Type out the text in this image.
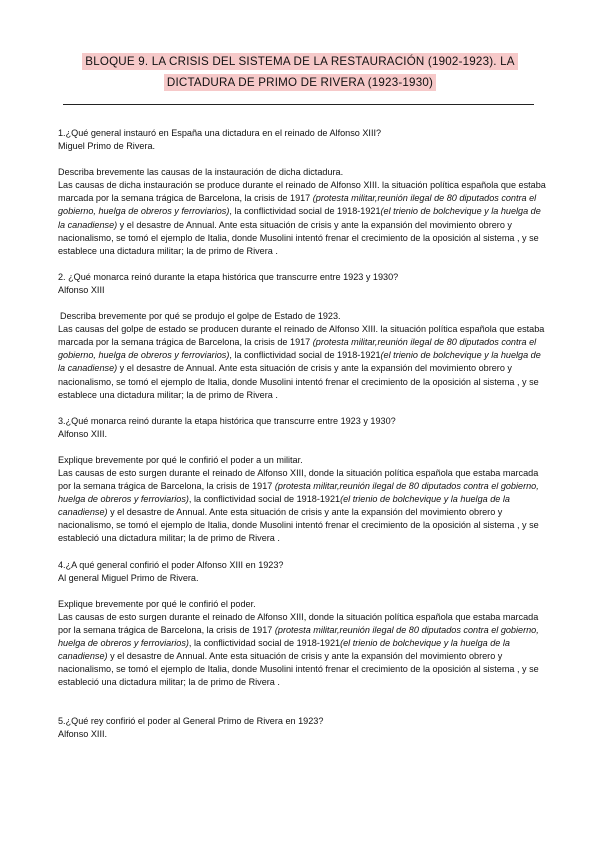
BLOQUE 9. LA CRISIS DEL SISTEMA DE LA RESTAURACIÓN (1902-1923). LA
DICTADURA DE PRIMO DE RIVERA (1923-1930)

1.¿Qué general instauró en España una dictadura en el reinado de Alfonso XIII?

Miguel Primo de Rivera.

Describa brevemente las causas de la instauración de dicha dictadura.

Las causas de dicha instauración se produce durante el reinado de Alfonso XIII. la situación política española que estaba marcada por la semana trágica de Barcelona, la crisis de 1917 (protesta militar,reunión ilegal de 80 diputados contra el gobierno, huelga de obreros y ferroviarios), la conflictividad social de 1918-1921(el trienio de bolchevique y la huelga de la canadiense) y el desastre de Annual. Ante esta situación de crisis y ante la expansión del movimiento obrero y nacionalismo, se tomó el ejemplo de Italia, donde Musolini intentó frenar el crecimiento de la oposición al sistema , y se establece una dictadura militar; la de primo de Rivera .

2. ¿Qué monarca reinó durante la etapa histórica que transcurre entre 1923 y 1930?

Alfonso XIII

Describa brevemente por qué se produjo el golpe de Estado de 1923.

Las causas del golpe de estado se producen durante el reinado de Alfonso XIII. la situación política española que estaba marcada por la semana trágica de Barcelona, la crisis de 1917 (protesta militar,reunión ilegal de 80 diputados contra el gobierno, huelga de obreros y ferroviarios), la conflictividad social de 1918-1921(el trienio de bolchevique y la huelga de la canadiense) y el desastre de Annual. Ante esta situación de crisis y ante la expansión del movimiento obrero y nacionalismo, se tomó el ejemplo de Italia, donde Musolini intentó frenar el crecimiento de la oposición al sistema , y se establece una dictadura militar; la de primo de Rivera .

3.¿Qué monarca reinó durante la etapa histórica que transcurre entre 1923 y 1930?

Alfonso XIII.

Explique brevemente por qué le confirió el poder a un militar.

Las causas de esto surgen durante el reinado de Alfonso XIII, donde la situación política española que estaba marcada por la semana trágica de Barcelona, la crisis de 1917 (protesta militar,reunión ilegal de 80 diputados contra el gobierno, huelga de obreros y ferroviarios), la conflictividad social de 1918-1921(el trienio de bolchevique y la huelga de la canadiense) y el desastre de Annual. Ante esta situación de crisis y ante la expansión del movimiento obrero y nacionalismo, se tomó el ejemplo de Italia, donde Musolini intentó frenar el crecimiento de la oposición al sistema , y se estableció una dictadura militar; la de primo de Rivera .

4.¿A qué general confirió el poder Alfonso XIII en 1923?

Al general Miguel Primo de Rivera.

Explique brevemente por qué le confirió el poder.

Las causas de esto surgen durante el reinado de Alfonso XIII, donde la situación política española que estaba marcada por la semana trágica de Barcelona, la crisis de 1917 (protesta militar,reunión ilegal de 80 diputados contra el gobierno, huelga de obreros y ferroviarios), la conflictividad social de 1918-1921(el trienio de bolchevique y la huelga de la canadiense) y el desastre de Annual. Ante esta situación de crisis y ante la expansión del movimiento obrero y nacionalismo, se tomó el ejemplo de Italia, donde Musolini intentó frenar el crecimiento de la oposición al sistema , y se estableció una dictadura militar; la de primo de Rivera .

5.¿Qué rey confirió el poder al General Primo de Rivera en 1923?

Alfonso XIII.
